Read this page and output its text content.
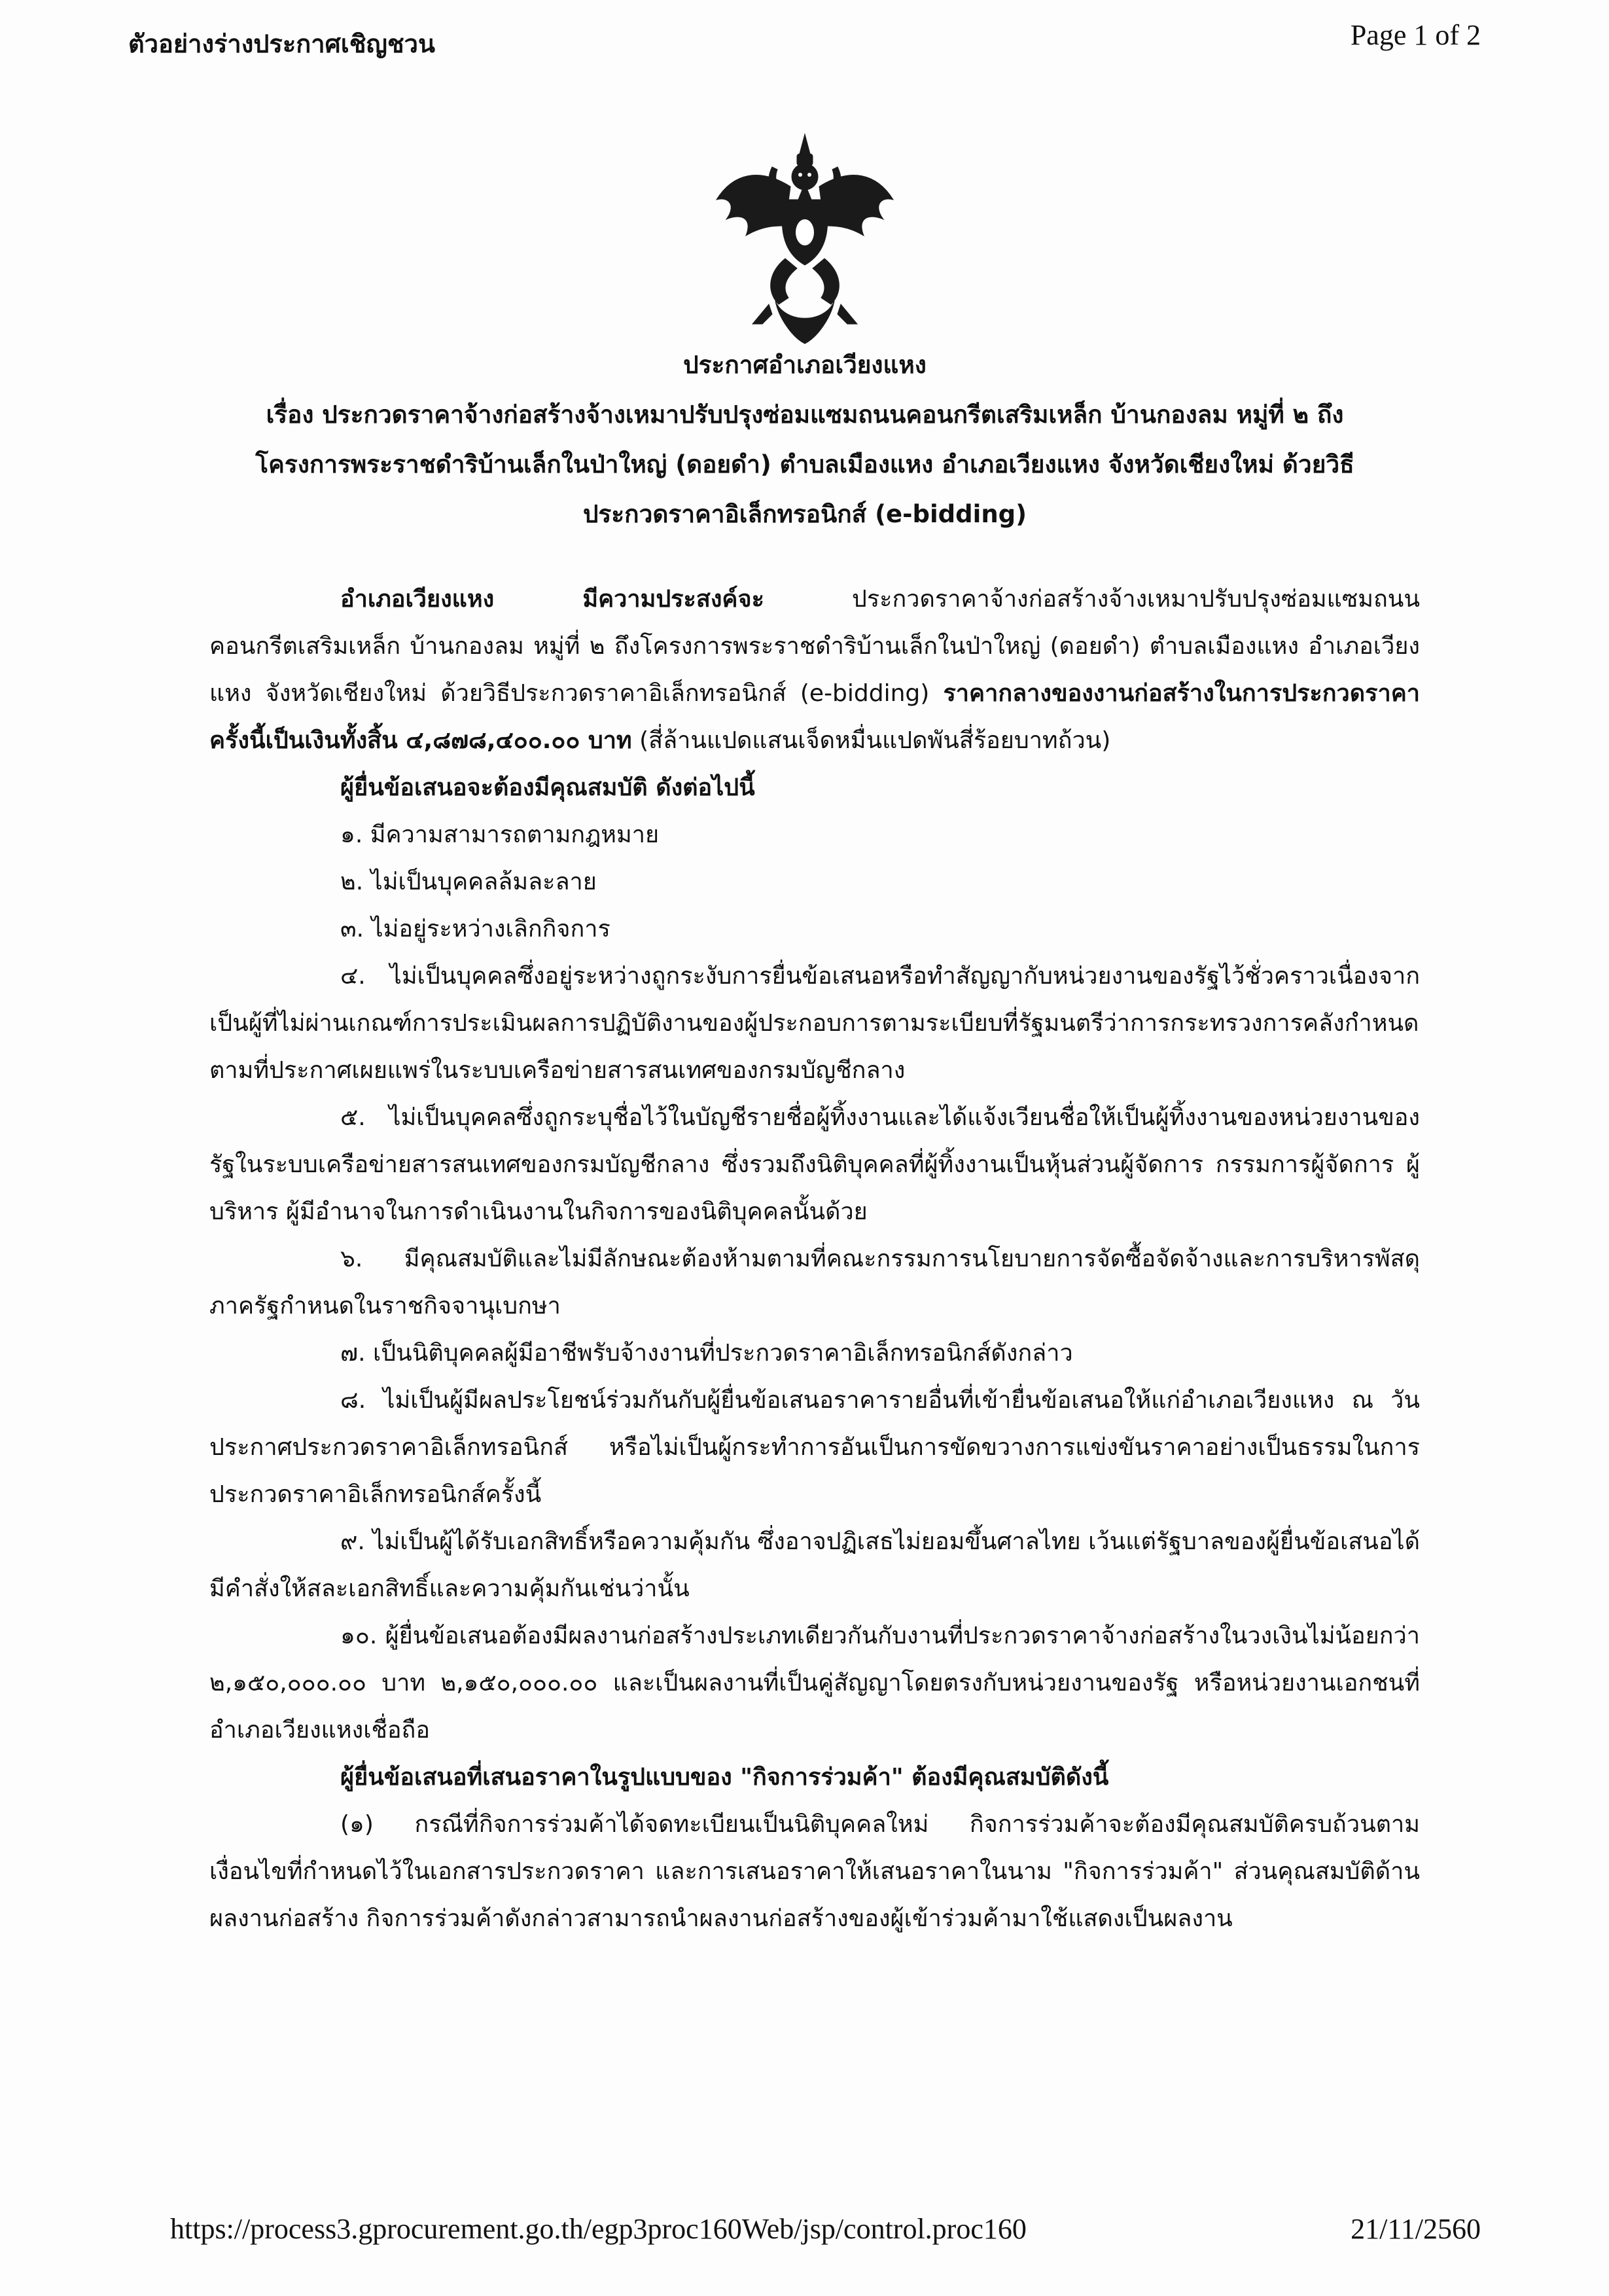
ตัวอย่างร่างประกาศเชิญชวน	Page 1 of 2
ประกาศอำเภอเวียงแหง
เรื่อง ประกวดราคาจ้างก่อสร้างจ้างเหมาปรับปรุงซ่อมแซมถนนคอนกรีตเสริมเหล็ก บ้านกองลม หมู่ที่ ๒ ถึง
โครงการพระราชดำริบ้านเล็กในป่าใหญ่ (ดอยดำ) ตำบลเมืองแหง อำเภอเวียงแหง จังหวัดเชียงใหม่ ด้วยวิธี
ประกวดราคาอิเล็กทรอนิกส์ (e-bidding)

อำเภอเวียงแหง มีความประสงค์จะ ประกวดราคาจ้างก่อสร้างจ้างเหมาปรับปรุงซ่อมแซมถนนคอนกรีตเสริมเหล็ก บ้านกองลม หมู่ที่ ๒ ถึงโครงการพระราชดำริบ้านเล็กในป่าใหญ่ (ดอยดำ) ตำบลเมืองแหง อำเภอเวียงแหง จังหวัดเชียงใหม่ ด้วยวิธีประกวดราคาอิเล็กทรอนิกส์ (e-bidding) ราคากลางของงานก่อสร้างในการประกวดราคาครั้งนี้เป็นเงินทั้งสิ้น ๔,๘๗๘,๔๐๐.๐๐ บาท (สี่ล้านแปดแสนเจ็ดหมื่นแปดพันสี่ร้อยบาทถ้วน)

ผู้ยื่นข้อเสนอจะต้องมีคุณสมบัติ ดังต่อไปนี้

๑. มีความสามารถตามกฎหมาย

๒. ไม่เป็นบุคคลล้มละลาย

๓. ไม่อยู่ระหว่างเลิกกิจการ

๔. ไม่เป็นบุคคลซึ่งอยู่ระหว่างถูกระงับการยื่นข้อเสนอหรือทำสัญญากับหน่วยงานของรัฐไว้ชั่วคราวเนื่องจากเป็นผู้ที่ไม่ผ่านเกณฑ์การประเมินผลการปฏิบัติงานของผู้ประกอบการตามระเบียบที่รัฐมนตรีว่าการกระทรวงการคลังกำหนดตามที่ประกาศเผยแพร่ในระบบเครือข่ายสารสนเทศของกรมบัญชีกลาง

๕. ไม่เป็นบุคคลซึ่งถูกระบุชื่อไว้ในบัญชีรายชื่อผู้ทิ้งงานและได้แจ้งเวียนชื่อให้เป็นผู้ทิ้งงานของหน่วยงานของรัฐในระบบเครือข่ายสารสนเทศของกรมบัญชีกลาง ซึ่งรวมถึงนิติบุคคลที่ผู้ทิ้งงานเป็นหุ้นส่วนผู้จัดการ กรรมการผู้จัดการ ผู้บริหาร ผู้มีอำนาจในการดำเนินงานในกิจการของนิติบุคคลนั้นด้วย

๖. มีคุณสมบัติและไม่มีลักษณะต้องห้ามตามที่คณะกรรมการนโยบายการจัดซื้อจัดจ้างและการบริหารพัสดุภาครัฐกำหนดในราชกิจจานุเบกษา

๗. เป็นนิติบุคคลผู้มีอาชีพรับจ้างงานที่ประกวดราคาอิเล็กทรอนิกส์ดังกล่าว

๘. ไม่เป็นผู้มีผลประโยชน์ร่วมกันกับผู้ยื่นข้อเสนอราคารายอื่นที่เข้ายื่นข้อเสนอให้แก่อำเภอเวียงแหง ณ วันประกาศประกวดราคาอิเล็กทรอนิกส์ หรือไม่เป็นผู้กระทำการอันเป็นการขัดขวางการแข่งขันราคาอย่างเป็นธรรมในการประกวดราคาอิเล็กทรอนิกส์ครั้งนี้

๙. ไม่เป็นผู้ได้รับเอกสิทธิ์หรือความคุ้มกัน ซึ่งอาจปฏิเสธไม่ยอมขึ้นศาลไทย เว้นแต่รัฐบาลของผู้ยื่นข้อเสนอได้มีคำสั่งให้สละเอกสิทธิ์และความคุ้มกันเช่นว่านั้น

๑๐. ผู้ยื่นข้อเสนอต้องมีผลงานก่อสร้างประเภทเดียวกันกับงานที่ประกวดราคาจ้างก่อสร้างในวงเงินไม่น้อยกว่า ๒,๑๕๐,๐๐๐.๐๐ บาท ๒,๑๕๐,๐๐๐.๐๐ และเป็นผลงานที่เป็นคู่สัญญาโดยตรงกับหน่วยงานของรัฐ หรือหน่วยงานเอกชนที่อำเภอเวียงแหงเชื่อถือ

ผู้ยื่นข้อเสนอที่เสนอราคาในรูปแบบของ "กิจการร่วมค้า" ต้องมีคุณสมบัติดังนี้

(๑) กรณีที่กิจการร่วมค้าได้จดทะเบียนเป็นนิติบุคคลใหม่ กิจการร่วมค้าจะต้องมีคุณสมบัติครบถ้วนตามเงื่อนไขที่กำหนดไว้ในเอกสารประกวดราคา และการเสนอราคาให้เสนอราคาในนาม "กิจการร่วมค้า" ส่วนคุณสมบัติด้านผลงานก่อสร้าง กิจการร่วมค้าดังกล่าวสามารถนำผลงานก่อสร้างของผู้เข้าร่วมค้ามาใช้แสดงเป็นผลงาน

https://process3.gprocurement.go.th/egp3proc160Web/jsp/control.proc160	21/11/2560
